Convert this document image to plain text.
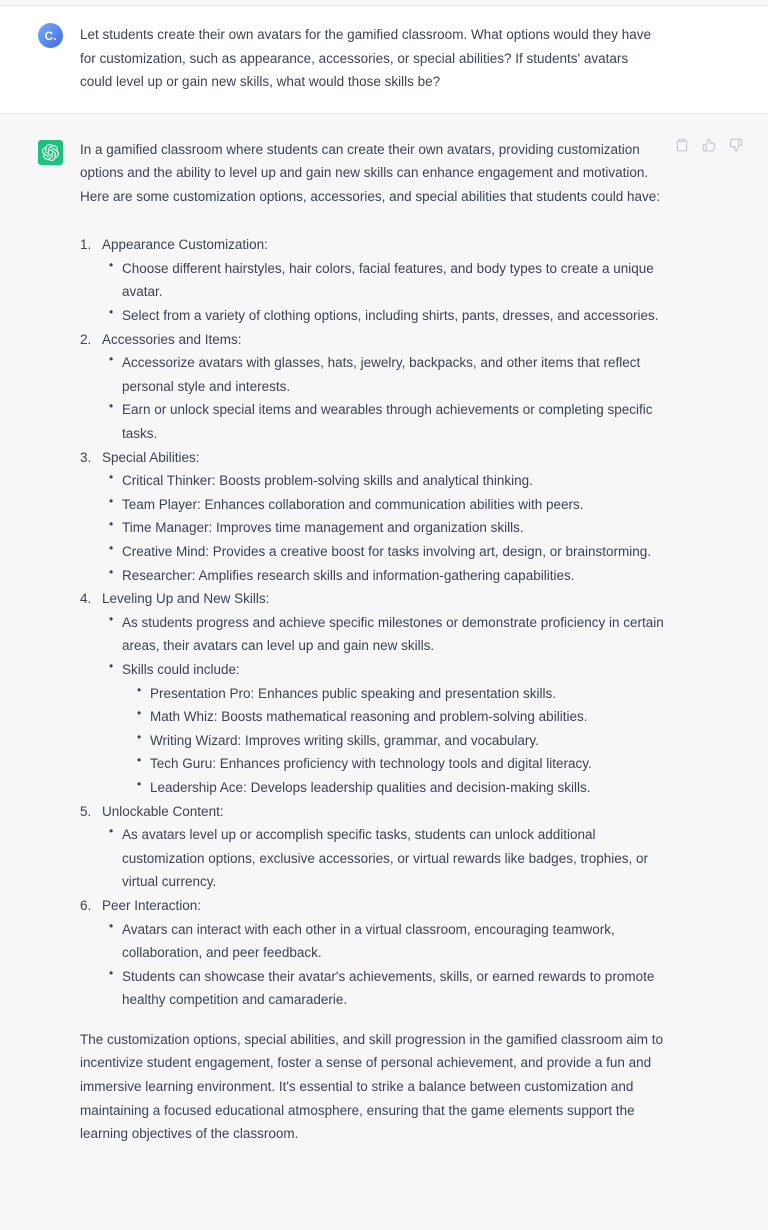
C. Let students create their own avatars for the gamified classroom. What options would they have for customization, such as appearance, accessories, or special abilities? If students' avatars could level up or gain new skills, what would those skills be?

In a gamified classroom where students can create their own avatars, providing customization options and the ability to level up and gain new skills can enhance engagement and motivation. Here are some customization options, accessories, and special abilities that students could have:

1. Appearance Customization:
• Choose different hairstyles, hair colors, facial features, and body types to create a unique avatar.
• Select from a variety of clothing options, including shirts, pants, dresses, and accessories.
2. Accessories and Items:
• Accessorize avatars with glasses, hats, jewelry, backpacks, and other items that reflect personal style and interests.
• Earn or unlock special items and wearables through achievements or completing specific tasks.
3. Special Abilities:
• Critical Thinker: Boosts problem-solving skills and analytical thinking.
• Team Player: Enhances collaboration and communication abilities with peers.
• Time Manager: Improves time management and organization skills.
• Creative Mind: Provides a creative boost for tasks involving art, design, or brainstorming.
• Researcher: Amplifies research skills and information-gathering capabilities.
4. Leveling Up and New Skills:
• As students progress and achieve specific milestones or demonstrate proficiency in certain areas, their avatars can level up and gain new skills.
• Skills could include:
• Presentation Pro: Enhances public speaking and presentation skills.
• Math Whiz: Boosts mathematical reasoning and problem-solving abilities.
• Writing Wizard: Improves writing skills, grammar, and vocabulary.
• Tech Guru: Enhances proficiency with technology tools and digital literacy.
• Leadership Ace: Develops leadership qualities and decision-making skills.
5. Unlockable Content:
• As avatars level up or accomplish specific tasks, students can unlock additional customization options, exclusive accessories, or virtual rewards like badges, trophies, or virtual currency.
6. Peer Interaction:
• Avatars can interact with each other in a virtual classroom, encouraging teamwork, collaboration, and peer feedback.
• Students can showcase their avatar's achievements, skills, or earned rewards to promote healthy competition and camaraderie.

The customization options, special abilities, and skill progression in the gamified classroom aim to incentivize student engagement, foster a sense of personal achievement, and provide a fun and immersive learning environment. It's essential to strike a balance between customization and maintaining a focused educational atmosphere, ensuring that the game elements support the learning objectives of the classroom.
